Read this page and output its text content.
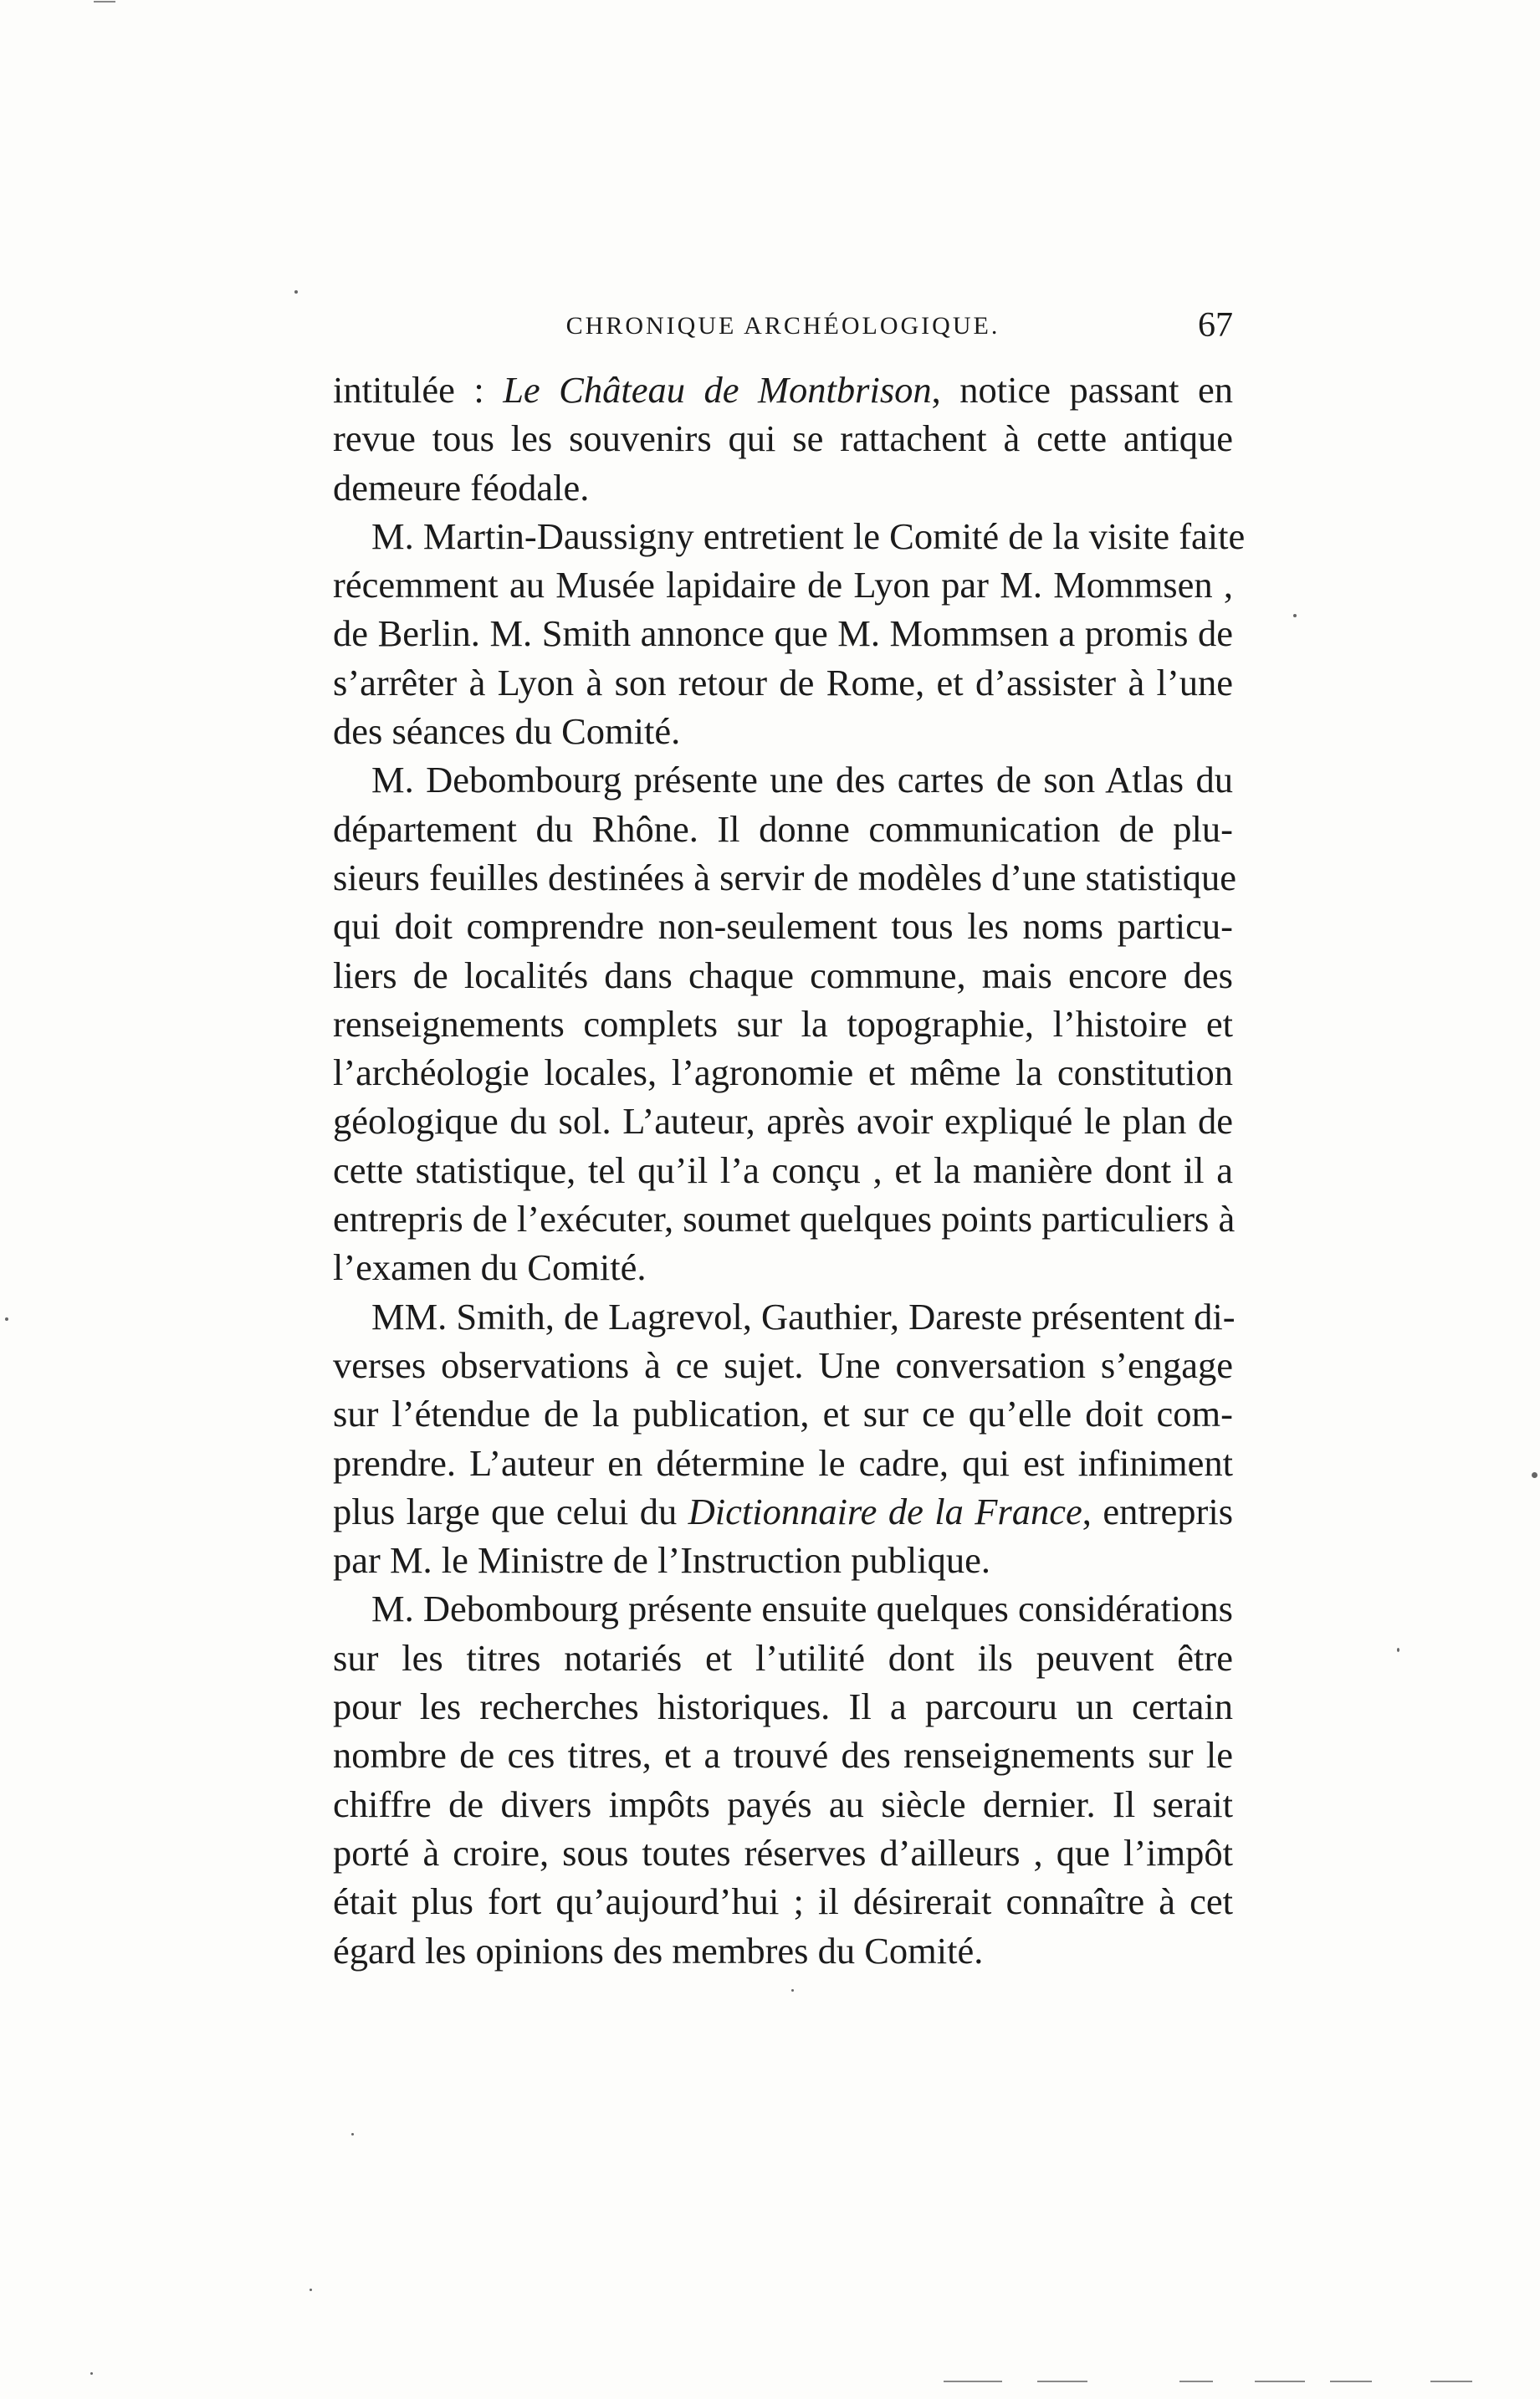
CHRONIQUE ARCHÉOLOGIQUE.	67

intitulée : Le Château de Montbrison, notice passant en
revue tous les souvenirs qui se rattachent à cette antique
demeure féodale.

M. Martin-Daussigny entretient le Comité de la visite faite
récemment au Musée lapidaire de Lyon par M. Mommsen ,
de Berlin. M. Smith annonce que M. Mommsen a promis de
s’arrêter à Lyon à son retour de Rome, et d’assister à l’une
des séances du Comité.

M. Debombourg présente une des cartes de son Atlas du
département du Rhône. Il donne communication de plu-
sieurs feuilles destinées à servir de modèles d’une statistique
qui doit comprendre non-seulement tous les noms particu-
liers de localités dans chaque commune, mais encore des
renseignements complets sur la topographie, l’histoire et
l’archéologie locales, l’agronomie et même la constitution
géologique du sol. L’auteur, après avoir expliqué le plan de
cette statistique, tel qu’il l’a conçu , et la manière dont il a
entrepris de l’exécuter, soumet quelques points particuliers à
l’examen du Comité.

MM. Smith, de Lagrevol, Gauthier, Dareste présentent di-
verses observations à ce sujet. Une conversation s’engage
sur l’étendue de la publication, et sur ce qu’elle doit com-
prendre. L’auteur en détermine le cadre, qui est infiniment
plus large que celui du Dictionnaire de la France, entrepris
par M. le Ministre de l’Instruction publique.

M. Debombourg présente ensuite quelques considérations
sur les titres notariés et l’utilité dont ils peuvent être
pour les recherches historiques. Il a parcouru un certain
nombre de ces titres, et a trouvé des renseignements sur le
chiffre de divers impôts payés au siècle dernier. Il serait
porté à croire, sous toutes réserves d’ailleurs , que l’impôt
était plus fort qu’aujourd’hui ; il désirerait connaître à cet
égard les opinions des membres du Comité.
